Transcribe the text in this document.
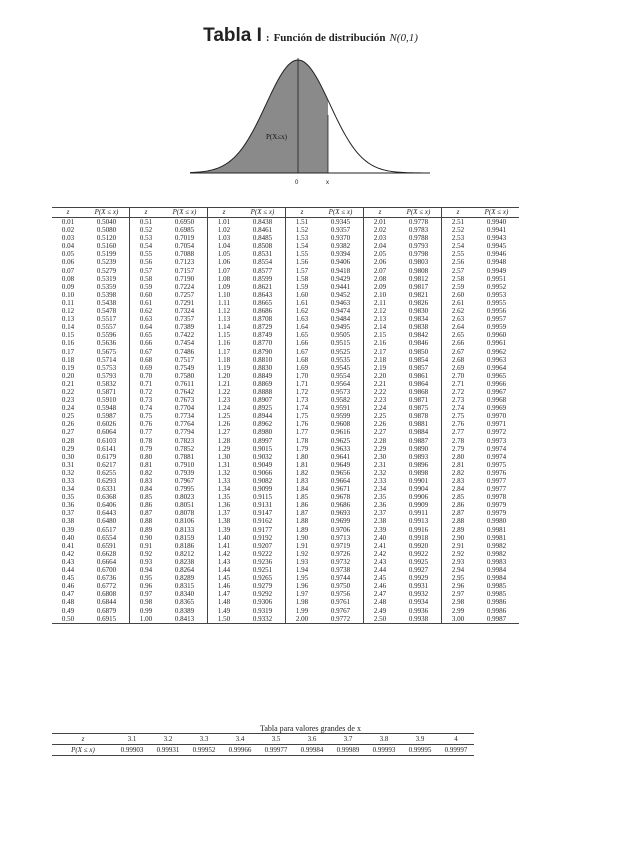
Tabla I : Función de distribución N(0,1)
P(X≤x)
0	x
z	P(X ≤ x)	z	P(X ≤ x)	z	P(X ≤ x)	z	P(X ≤ x)	z	P(X ≤ x)	z	P(X ≤ x)
0.01	0.5040	0.51	0.6950	1.01	0.8438	1.51	0.9345	2.01	0.9778	2.51	0.9940
0.02	0.5080	0.52	0.6985	1.02	0.8461	1.52	0.9357	2.02	0.9783	2.52	0.9941
0.03	0.5120	0.53	0.7019	1.03	0.8485	1.53	0.9370	2.03	0.9788	2.53	0.9943
0.04	0.5160	0.54	0.7054	1.04	0.8508	1.54	0.9382	2.04	0.9793	2.54	0.9945
0.05	0.5199	0.55	0.7088	1.05	0.8531	1.55	0.9394	2.05	0.9798	2.55	0.9946
0.06	0.5239	0.56	0.7123	1.06	0.8554	1.56	0.9406	2.06	0.9803	2.56	0.9948
0.07	0.5279	0.57	0.7157	1.07	0.8577	1.57	0.9418	2.07	0.9808	2.57	0.9949
0.08	0.5319	0.58	0.7190	1.08	0.8599	1.58	0.9429	2.08	0.9812	2.58	0.9951
0.09	0.5359	0.59	0.7224	1.09	0.8621	1.59	0.9441	2.09	0.9817	2.59	0.9952
0.10	0.5398	0.60	0.7257	1.10	0.8643	1.60	0.9452	2.10	0.9821	2.60	0.9953
0.11	0.5438	0.61	0.7291	1.11	0.8665	1.61	0.9463	2.11	0.9826	2.61	0.9955
0.12	0.5478	0.62	0.7324	1.12	0.8686	1.62	0.9474	2.12	0.9830	2.62	0.9956
0.13	0.5517	0.63	0.7357	1.13	0.8708	1.63	0.9484	2.13	0.9834	2.63	0.9957
0.14	0.5557	0.64	0.7389	1.14	0.8729	1.64	0.9495	2.14	0.9838	2.64	0.9959
0.15	0.5596	0.65	0.7422	1.15	0.8749	1.65	0.9505	2.15	0.9842	2.65	0.9960
0.16	0.5636	0.66	0.7454	1.16	0.8770	1.66	0.9515	2.16	0.9846	2.66	0.9961
0.17	0.5675	0.67	0.7486	1.17	0.8790	1.67	0.9525	2.17	0.9850	2.67	0.9962
0.18	0.5714	0.68	0.7517	1.18	0.8810	1.68	0.9535	2.18	0.9854	2.68	0.9963
0.19	0.5753	0.69	0.7549	1.19	0.8830	1.69	0.9545	2.19	0.9857	2.69	0.9964
0.20	0.5793	0.70	0.7580	1.20	0.8849	1.70	0.9554	2.20	0.9861	2.70	0.9965
0.21	0.5832	0.71	0.7611	1.21	0.8869	1.71	0.9564	2.21	0.9864	2.71	0.9966
0.22	0.5871	0.72	0.7642	1.22	0.8888	1.72	0.9573	2.22	0.9868	2.72	0.9967
0.23	0.5910	0.73	0.7673	1.23	0.8907	1.73	0.9582	2.23	0.9871	2.73	0.9968
0.24	0.5948	0.74	0.7704	1.24	0.8925	1.74	0.9591	2.24	0.9875	2.74	0.9969
0.25	0.5987	0.75	0.7734	1.25	0.8944	1.75	0.9599	2.25	0.9878	2.75	0.9970
0.26	0.6026	0.76	0.7764	1.26	0.8962	1.76	0.9608	2.26	0.9881	2.76	0.9971
0.27	0.6064	0.77	0.7794	1.27	0.8980	1.77	0.9616	2.27	0.9884	2.77	0.9972
0.28	0.6103	0.78	0.7823	1.28	0.8997	1.78	0.9625	2.28	0.9887	2.78	0.9973
0.29	0.6141	0.79	0.7852	1.29	0.9015	1.79	0.9633	2.29	0.9890	2.79	0.9974
0.30	0.6179	0.80	0.7881	1.30	0.9032	1.80	0.9641	2.30	0.9893	2.80	0.9974
0.31	0.6217	0.81	0.7910	1.31	0.9049	1.81	0.9649	2.31	0.9896	2.81	0.9975
0.32	0.6255	0.82	0.7939	1.32	0.9066	1.82	0.9656	2.32	0.9898	2.82	0.9976
0.33	0.6293	0.83	0.7967	1.33	0.9082	1.83	0.9664	2.33	0.9901	2.83	0.9977
0.34	0.6331	0.84	0.7995	1.34	0.9099	1.84	0.9671	2.34	0.9904	2.84	0.9977
0.35	0.6368	0.85	0.8023	1.35	0.9115	1.85	0.9678	2.35	0.9906	2.85	0.9978
0.36	0.6406	0.86	0.8051	1.36	0.9131	1.86	0.9686	2.36	0.9909	2.86	0.9979
0.37	0.6443	0.87	0.8078	1.37	0.9147	1.87	0.9693	2.37	0.9911	2.87	0.9979
0.38	0.6480	0.88	0.8106	1.38	0.9162	1.88	0.9699	2.38	0.9913	2.88	0.9980
0.39	0.6517	0.89	0.8133	1.39	0.9177	1.89	0.9706	2.39	0.9916	2.89	0.9981
0.40	0.6554	0.90	0.8159	1.40	0.9192	1.90	0.9713	2.40	0.9918	2.90	0.9981
0.41	0.6591	0.91	0.8186	1.41	0.9207	1.91	0.9719	2.41	0.9920	2.91	0.9982
0.42	0.6628	0.92	0.8212	1.42	0.9222	1.92	0.9726	2.42	0.9922	2.92	0.9982
0.43	0.6664	0.93	0.8238	1.43	0.9236	1.93	0.9732	2.43	0.9925	2.93	0.9983
0.44	0.6700	0.94	0.8264	1.44	0.9251	1.94	0.9738	2.44	0.9927	2.94	0.9984
0.45	0.6736	0.95	0.8289	1.45	0.9265	1.95	0.9744	2.45	0.9929	2.95	0.9984
0.46	0.6772	0.96	0.8315	1.46	0.9279	1.96	0.9750	2.46	0.9931	2.96	0.9985
0.47	0.6808	0.97	0.8340	1.47	0.9292	1.97	0.9756	2.47	0.9932	2.97	0.9985
0.48	0.6844	0.98	0.8365	1.48	0.9306	1.98	0.9761	2.48	0.9934	2.98	0.9986
0.49	0.6879	0.99	0.8389	1.49	0.9319	1.99	0.9767	2.49	0.9936	2.99	0.9986
0.50	0.6915	1.00	0.8413	1.50	0.9332	2.00	0.9772	2.50	0.9938	3.00	0.9987
Tabla para valores grandes de x
z	3.1	3.2	3.3	3.4	3.5	3.6	3.7	3.8	3.9	4
P(X ≤ x)	0.99903	0.99931	0.99952	0.99966	0.99977	0.99984	0.99989	0.99993	0.99995	0.99997
